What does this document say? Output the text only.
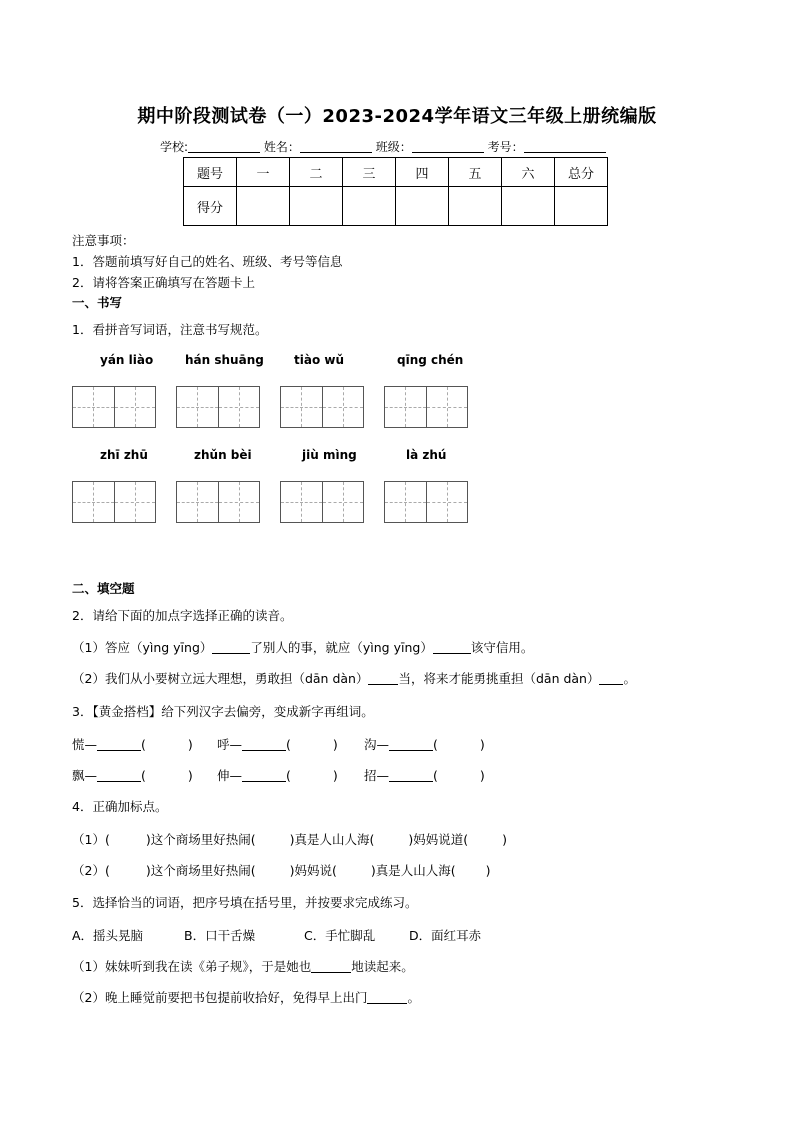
期中阶段测试卷（一）2023-2024学年语文三年级上册统编版
学校:	姓名：	班级：	考号：
题号	一	二	三	四	五	六	总分
得分							
注意事项：
1．答题前填写好自己的姓名、班级、考号等信息
2．请将答案正确填写在答题卡上
一、书写
1．看拼音写词语，注意书写规范。
yán liào	hán shuāng	tiào wǔ	qīng chén
zhī zhū	zhǔn bèi	jiù mìng	là zhú
二、填空题
2．请给下面的加点字选择正确的读音。
（1）答应（yìng yīng）	了别人的事，就应（yìng yīng）	该守信用。
（2）我们从小要树立远大理想，勇敢担（dān dàn） 当，将来才能勇挑重担（dān dàn） 。
3．【黄金搭档】给下列汉字去偏旁，变成新字再组词。
慌—	(	) 呼—	(	) 沟—	(	)
飘—	(	) 伸—	(	) 招—	(	)
4．正确加标点。
（1）(	)这个商场里好热闹(	)真是人山人海(	)妈妈说道(	)
（2）(	)这个商场里好热闹(	)妈妈说(	)真是人山人海( )
5．选择恰当的词语，把序号填在括号里，并按要求完成练习。
A．摇头晃脑	B．口干舌燥	C．手忙脚乱	D．面红耳赤
（1）妹妹听到我在读《弟子规》，于是她也	地读起来。
（2）晚上睡觉前要把书包提前收拾好，免得早上出门	。
